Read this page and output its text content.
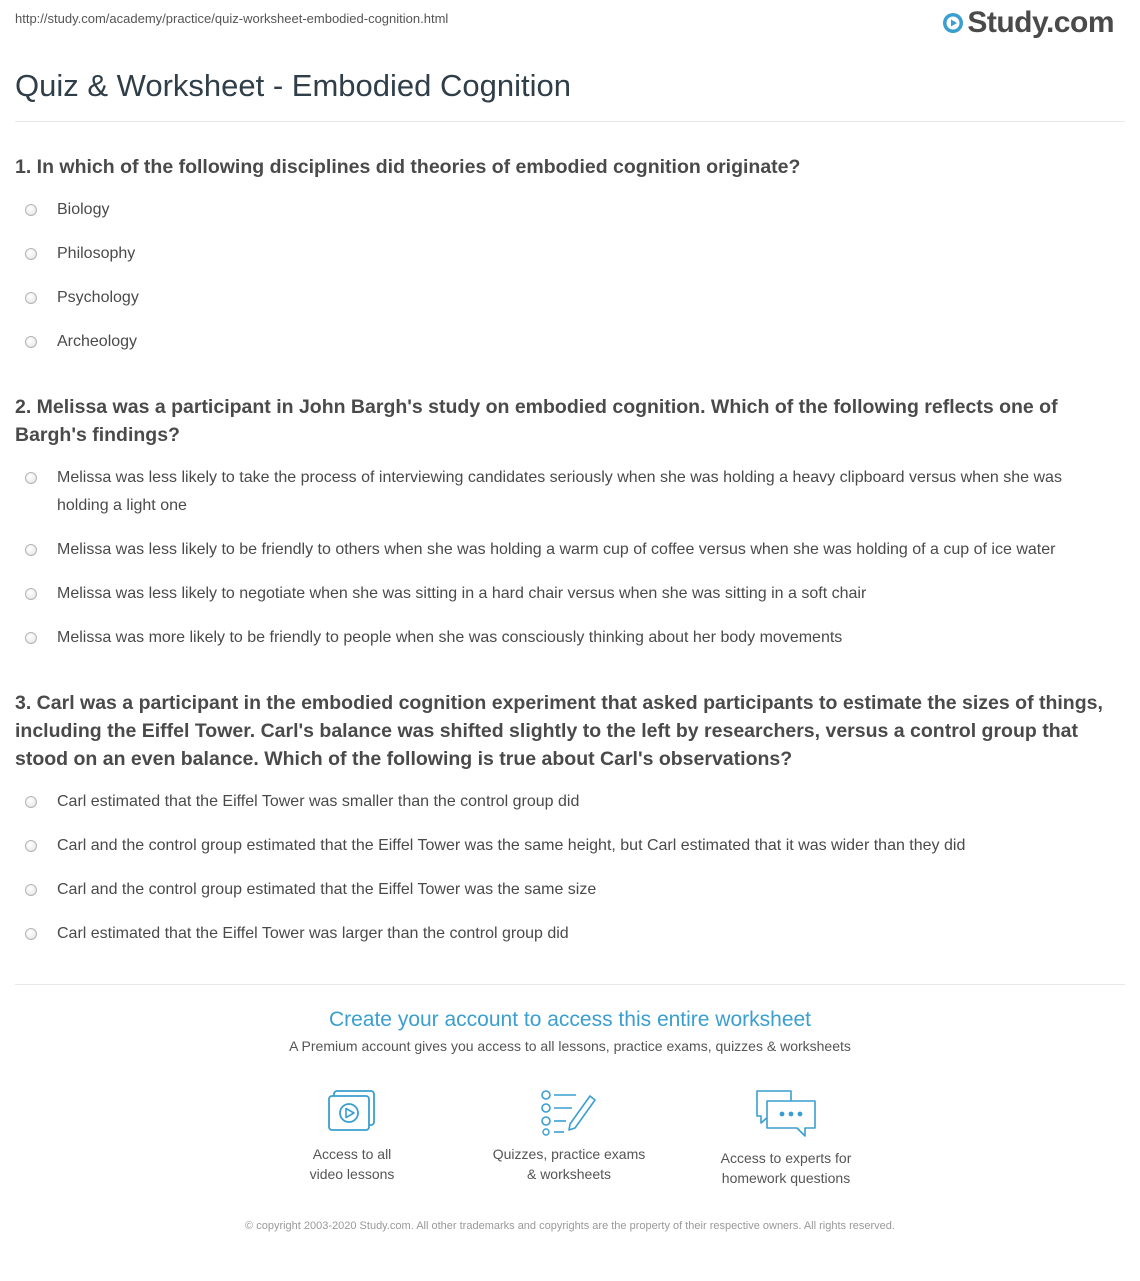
http://study.com/academy/practice/quiz-worksheet-embodied-cognition.html	Study.com
Quiz & Worksheet - Embodied Cognition
1. In which of the following disciplines did theories of embodied cognition originate?
Biology
Philosophy
Psychology
Archeology
2. Melissa was a participant in John Bargh's study on embodied cognition. Which of the following reflects one of Bargh's findings?
Melissa was less likely to take the process of interviewing candidates seriously when she was holding a heavy clipboard versus when she was holding a light one
Melissa was less likely to be friendly to others when she was holding a warm cup of coffee versus when she was holding of a cup of ice water
Melissa was less likely to negotiate when she was sitting in a hard chair versus when she was sitting in a soft chair
Melissa was more likely to be friendly to people when she was consciously thinking about her body movements
3. Carl was a participant in the embodied cognition experiment that asked participants to estimate the sizes of things, including the Eiffel Tower. Carl's balance was shifted slightly to the left by researchers, versus a control group that stood on an even balance. Which of the following is true about Carl's observations?
Carl estimated that the Eiffel Tower was smaller than the control group did
Carl and the control group estimated that the Eiffel Tower was the same height, but Carl estimated that it was wider than they did
Carl and the control group estimated that the Eiffel Tower was the same size
Carl estimated that the Eiffel Tower was larger than the control group did
Create your account to access this entire worksheet
A Premium account gives you access to all lessons, practice exams, quizzes & worksheets
Access to all
video lessons
Quizzes, practice exams
& worksheets
Access to experts for
homework questions
© copyright 2003-2020 Study.com. All other trademarks and copyrights are the property of their respective owners. All rights reserved.
